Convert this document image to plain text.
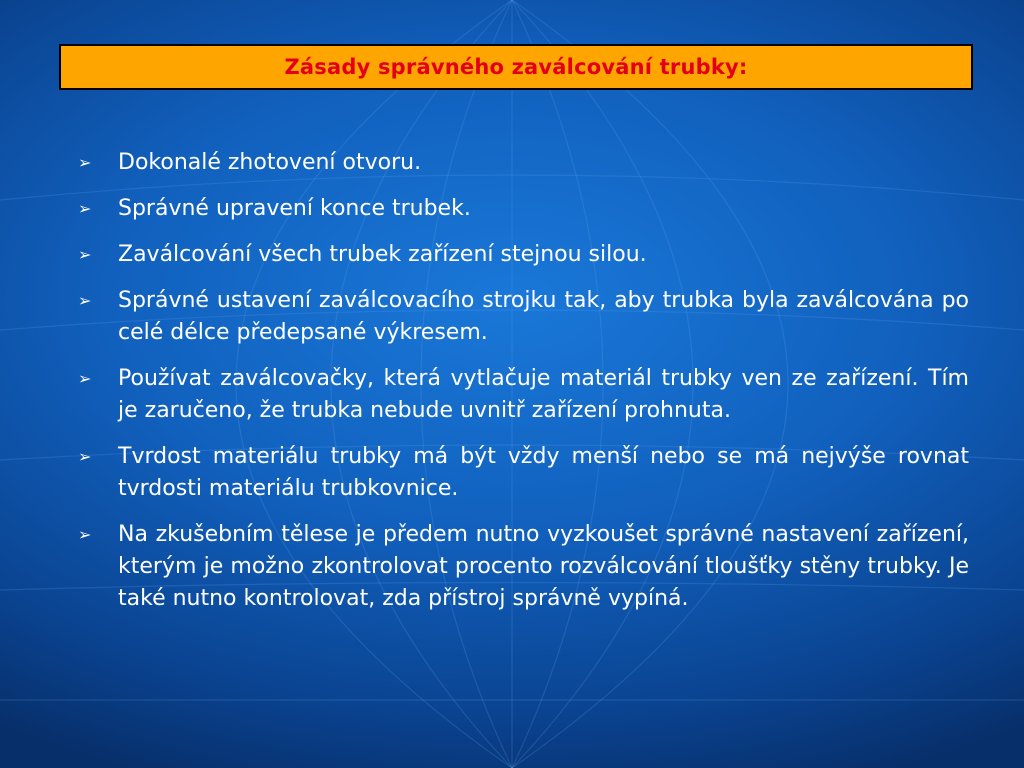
Zásady správného zaválcování trubky:
➢	Dokonalé zhotovení otvoru.
➢	Správné upravení konce trubek.
➢	Zaválcování všech trubek zařízení stejnou silou.
➢	Správné ustavení zaválcovacího strojku tak, aby trubka byla zaválcována po celé délce předepsané výkresem.
➢	Používat zaválcovačky, která vytlačuje materiál trubky ven ze zařízení. Tím je zaručeno, že trubka nebude uvnitř zařízení prohnuta.
➢	Tvrdost materiálu trubky má být vždy menší nebo se má nejvýše rovnat tvrdosti materiálu trubkovnice.
➢	Na zkušebním tělese je předem nutno vyzkoušet správné nastavení zařízení, kterým je možno zkontrolovat procento rozválcování tloušťky stěny trubky. Je také nutno kontrolovat, zda přístroj správně vypíná.
